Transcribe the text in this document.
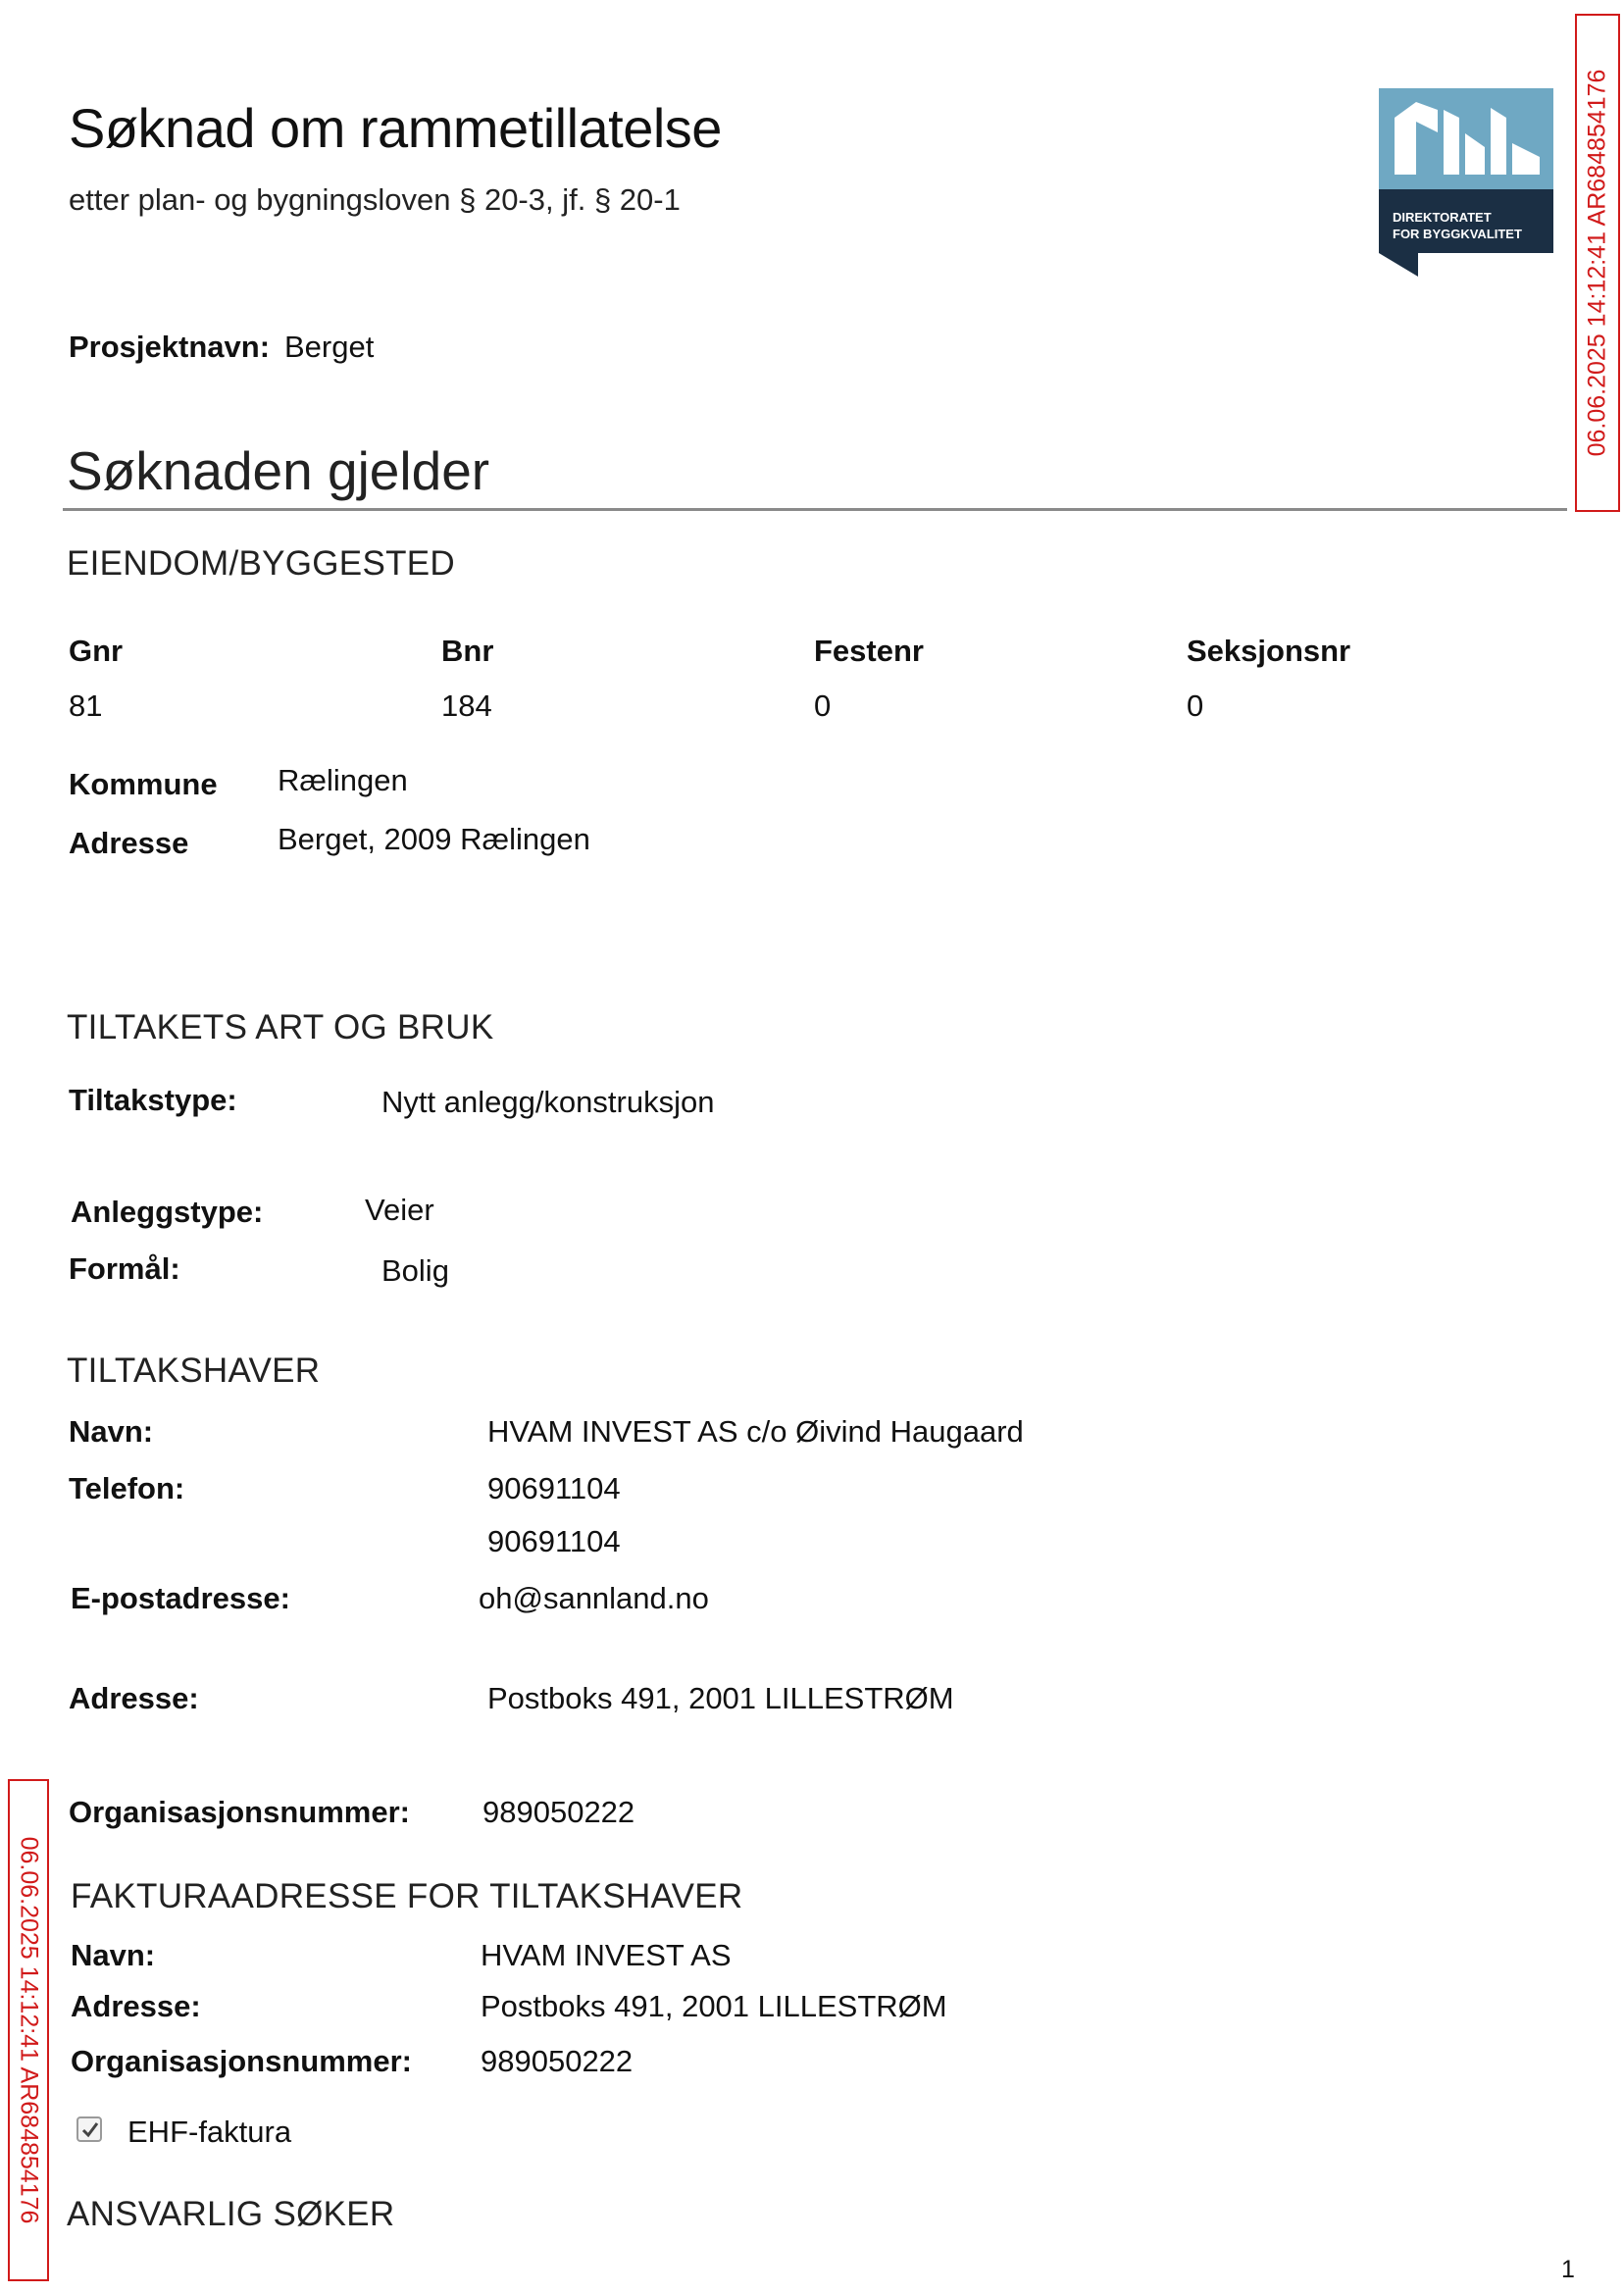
Søknad om rammetillatelse
etter plan- og bygningsloven § 20-3, jf. § 20-1
DIREKTORATET
FOR BYGGKVALITET	06.06.2025 14:12:41 AR684854176
Prosjektnavn: Berget
Søknaden gjelder
EIENDOM/BYGGESTED
Gnr	Bnr	Festenr	Seksjonsnr
81	184	0	0
Kommune Rælingen
Adresse	Berget, 2009 Rælingen
TILTAKETS ART OG BRUK
Tiltakstype:	Nytt anlegg/konstruksjon
Anleggstype:	Veier
Formål:	Bolig
TILTAKSHAVER
Navn:	HVAM INVEST AS c/o Øivind Haugaard
Telefon:	90691104
90691104
E-postadresse:	oh@sannland.no
Adresse:	Postboks 491, 2001 LILLESTRØM
Organisasjonsnummer: 989050222
06.06.2025 14:12:41 AR684854176 FAKTURAADRESSE FOR TILTAKSHAVER
Navn:	HVAM INVEST AS
Adresse:	Postboks 491, 2001 LILLESTRØM
Organisasjonsnummer: 989050222
EHF-faktura
ANSVARLIG SØKER
1
